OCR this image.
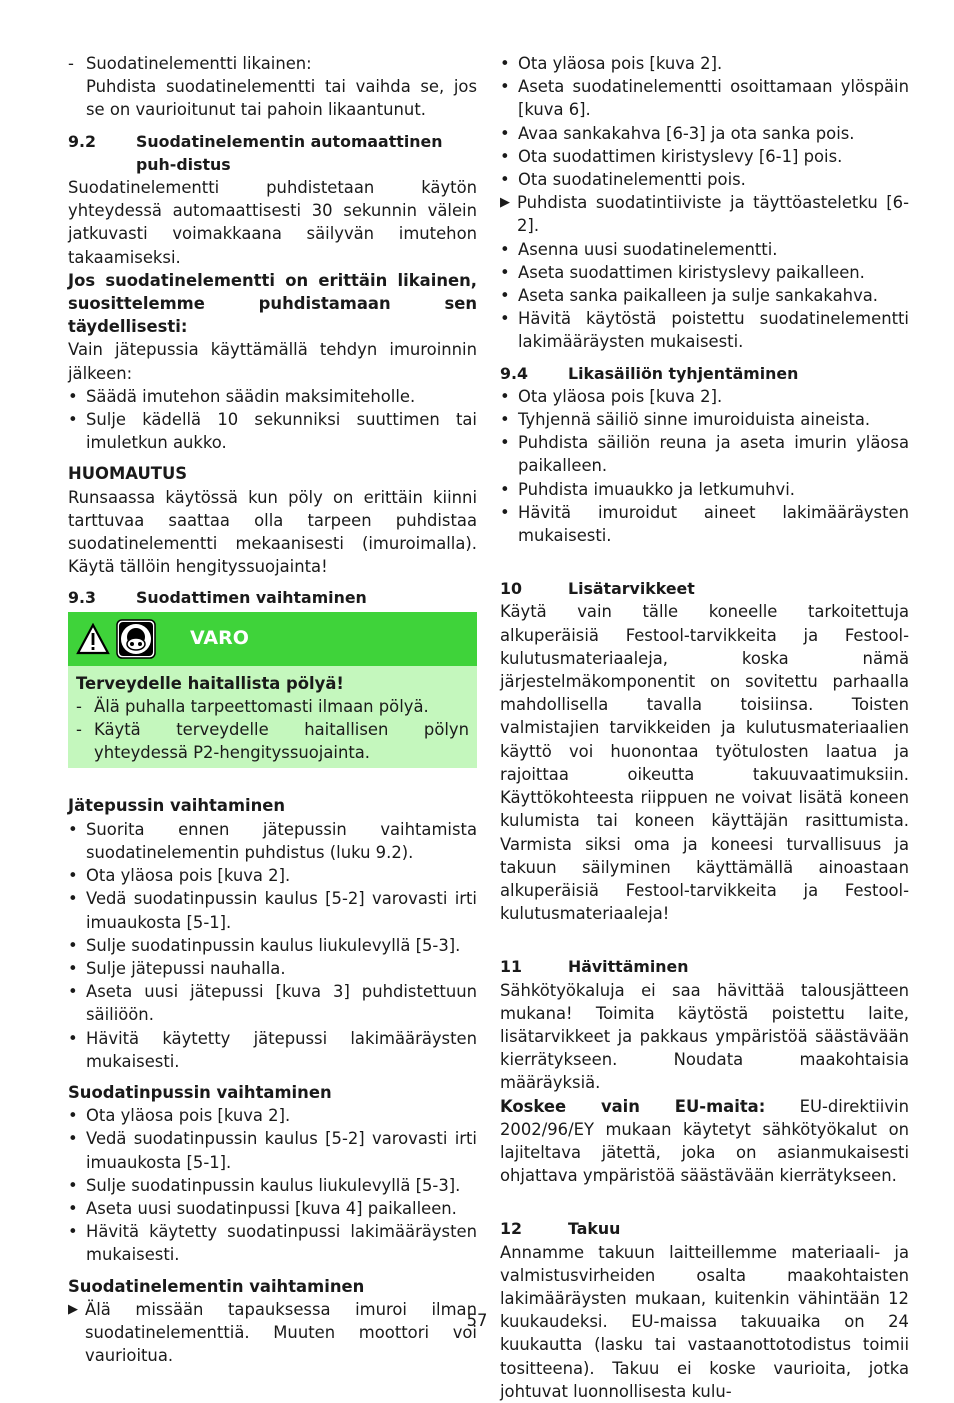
- Suodatinelementti likainen:
Puhdista suodatinelementti tai vaihda se, jos se on vaurioitunut tai pahoin likaantunut.
9.2	Suodatinelementin automaattinen puh-distus

Suodatinelementti puhdistetaan käytön yhteydessä automaattisesti 30 sekunnin välein jatkuvasti voimakkaana säilyvän imutehon takaamiseksi.

Jos suodatinelementti on erittäin likainen, suosittelemme puhdistamaan sen täydellisesti:

Vain jätepussia käyttämällä tehdyn imuroinnin jälkeen:

• Säädä imutehon säädin maksimiteholle.
• Sulje kädellä 10 sekunniksi suuttimen tai imuletkun aukko.

HUOMAUTUS

Runsaassa käytössä kun pöly on erittäin kiinni tarttuvaa saattaa olla tarpeen puhdistaa suodatinelementti mekaanisesti (imuroimalla). Käytä tällöin hengityssuojainta!

9.3	Suodattimen vaihtaminen
VARO

Terveydelle haitallista pölyä!

- Älä puhalla tarpeettomasti ilmaan pölyä.
- Käytä terveydelle haitallisen pölyn yhteydessä P2-hengityssuojainta.

Jätepussin vaihtaminen

• Suorita ennen jätepussin vaihtamista suodatinelementin puhdistus (luku 9.2).
• Ota yläosa pois [kuva 2].
• Vedä suodatinpussin kaulus [5-2] varovasti irti imuaukosta [5-1].
• Sulje suodatinpussin kaulus liukulevyllä [5-3].
• Sulje jätepussi nauhalla.
• Aseta uusi jätepussi [kuva 3] puhdistettuun säiliöön.
• Hävitä käytetty jätepussi lakimääräysten mukaisesti.

Suodatinpussin vaihtaminen

• Ota yläosa pois [kuva 2].
• Vedä suodatinpussin kaulus [5-2] varovasti irti imuaukosta [5-1].
• Sulje suodatinpussin kaulus liukulevyllä [5-3].
• Aseta uusi suodatinpussi [kuva 4] paikalleen.
• Hävitä käytetty suodatinpussi lakimääräysten mukaisesti.

Suodatinelementin vaihtaminen

▶ Älä missään tapauksessa imuroi ilman suodatinelementtiä. Muuten moottori voi vaurioitua.
• Ota yläosa pois [kuva 2].
• Aseta suodatinelementti osoittamaan ylöspäin [kuva 6].
• Avaa sankakahva [6-3] ja ota sanka pois.
• Ota suodattimen kiristyslevy [6-1] pois.
• Ota suodatinelementti pois.
▶ Puhdista suodatintiiviste ja täyttöasteletku [6-2].
• Asenna uusi suodatinelementti.
• Aseta suodattimen kiristyslevy paikalleen.
• Aseta sanka paikalleen ja sulje sankakahva.
• Hävitä käytöstä poistettu suodatinelementti lakimääräysten mukaisesti.
9.4	Likasäiliön tyhjentäminen
• Ota yläosa pois [kuva 2].
• Tyhjennä säiliö sinne imuroiduista aineista.
• Puhdista säiliön reuna ja aseta imurin yläosa paikalleen.
• Puhdista imuaukko ja letkumuhvi.
• Hävitä imuroidut aineet lakimääräysten mukaisesti.
10	Lisätarvikkeet

Käytä vain tälle koneelle tarkoitettuja alkuperäisiä Festool-tarvikkeita ja Festool-kulutusmateriaaleja, koska nämä järjestelmäkomponentit on sovitettu parhaalla mahdollisella tavalla toisiinsa. Toisten valmistajien tarvikkeiden ja kulutusmateriaalien käyttö voi huonontaa työtulosten laatua ja rajoittaa oikeutta takuuvaatimuksiin. Käyttökohteesta riippuen ne voivat lisätä koneen kulumista tai koneen käyttäjän rasittumista. Varmista siksi oma ja koneesi turvallisuus ja takuun säilyminen käyttämällä ainoastaan alkuperäisiä Festool-tarvikkeita ja Festool-kulutusmateriaaleja!

11	Hävittäminen

Sähkötyökaluja ei saa hävittää talousjätteen mukana! Toimita käytöstä poistettu laite, lisätarvikkeet ja pakkaus ympäristöä säästävään kierrätykseen. Noudata maakohtaisia määräyksiä.

Koskee vain EU-maita: EU-direktiivin 2002/96/EY mukaan käytetyt sähkötyökalut on lajiteltava jätettä, joka on asianmukaisesti ohjattava ympäristöä säästävään kierrätykseen.

12	Takuu

Annamme takuun laitteillemme materiaali- ja valmistusvirheiden osalta maakohtaisten lakimääräysten mukaan, kuitenkin vähintään 12 kuukaudeksi. EU-maissa takuuaika on 24 kuukautta (lasku tai vastaanottotodistus toimii tositteena). Takuu ei koske vaurioita, jotka johtuvat luonnollisesta kulu-

57
